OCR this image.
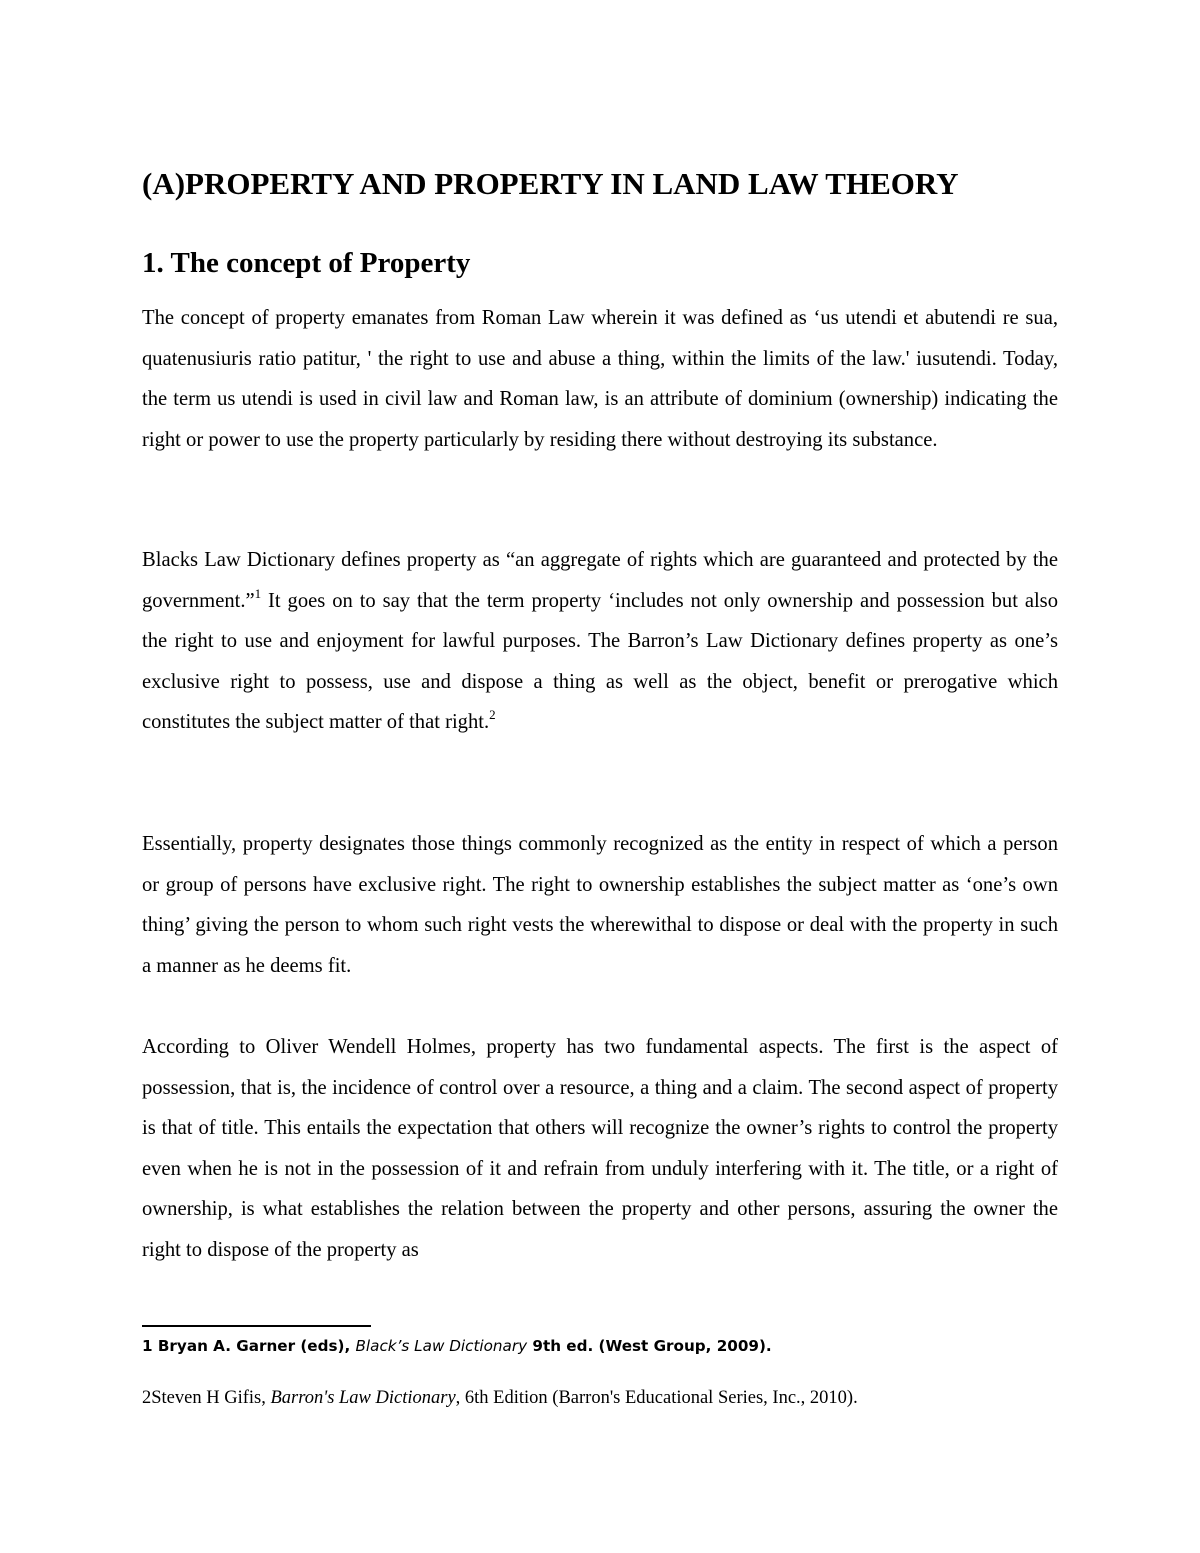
(A)PROPERTY AND PROPERTY IN LAND LAW THEORY
1. The concept of Property

The concept of property emanates from Roman Law wherein it was defined as ‘us utendi et abutendi re sua, quatenusiuris ratio patitur, ' the right to use and abuse a thing, within the limits of the law.' iusutendi. Today, the term us utendi is used in civil law and Roman law, is an attribute of dominium (ownership) indicating the right or power to use the property particularly by residing there without destroying its substance.

Blacks Law Dictionary defines property as “an aggregate of rights which are guaranteed and protected by the government.”$^1$ It goes on to say that the term property ‘includes not only ownership and possession but also the right to use and enjoyment for lawful purposes. The Barron’s Law Dictionary defines property as one’s exclusive right to possess, use and dispose a thing as well as the object, benefit or prerogative which constitutes the subject matter of that right.$^2$

Essentially, property designates those things commonly recognized as the entity in respect of which a person or group of persons have exclusive right. The right to ownership establishes the subject matter as ‘one’s own thing’ giving the person to whom such right vests the wherewithal to dispose or deal with the property in such a manner as he deems fit.

According to Oliver Wendell Holmes, property has two fundamental aspects. The first is the aspect of possession, that is, the incidence of control over a resource, a thing and a claim. The second aspect of property is that of title. This entails the expectation that others will recognize the owner’s rights to control the property even when he is not in the possession of it and refrain from unduly interfering with it. The title, or a right of ownership, is what establishes the relation between the property and other persons, assuring the owner the right to dispose of the property as

1 Bryan A. Garner (eds), Black’s Law Dictionary 9th ed. (West Group, 2009).

2Steven H Gifis, Barron's Law Dictionary, 6th Edition (Barron's Educational Series, Inc., 2010).
